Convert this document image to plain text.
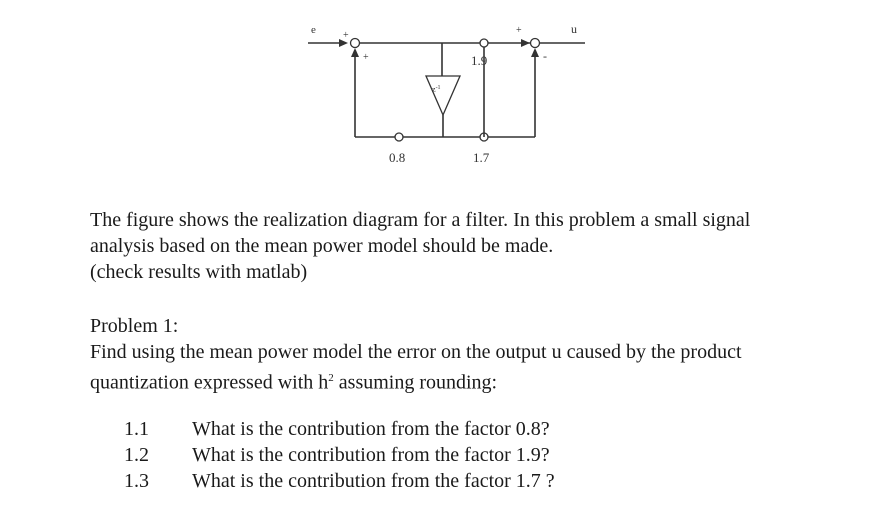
e	+	u
+
+	-
0.8	1.7
$z^{-1}$
1.9

The figure shows the realization diagram for a filter. In this problem a small signal
analysis based on the mean power model should be made.
(check results with matlab)

Problem 1:
Find using the mean power model the error on the output u caused by the product
quantization expressed with $h^2$ assuming rounding:

1.1	What is the contribution from the factor 0.8?
1.2	What is the contribution from the factor 1.9?
1.3	What is the contribution from the factor 1.7 ?
